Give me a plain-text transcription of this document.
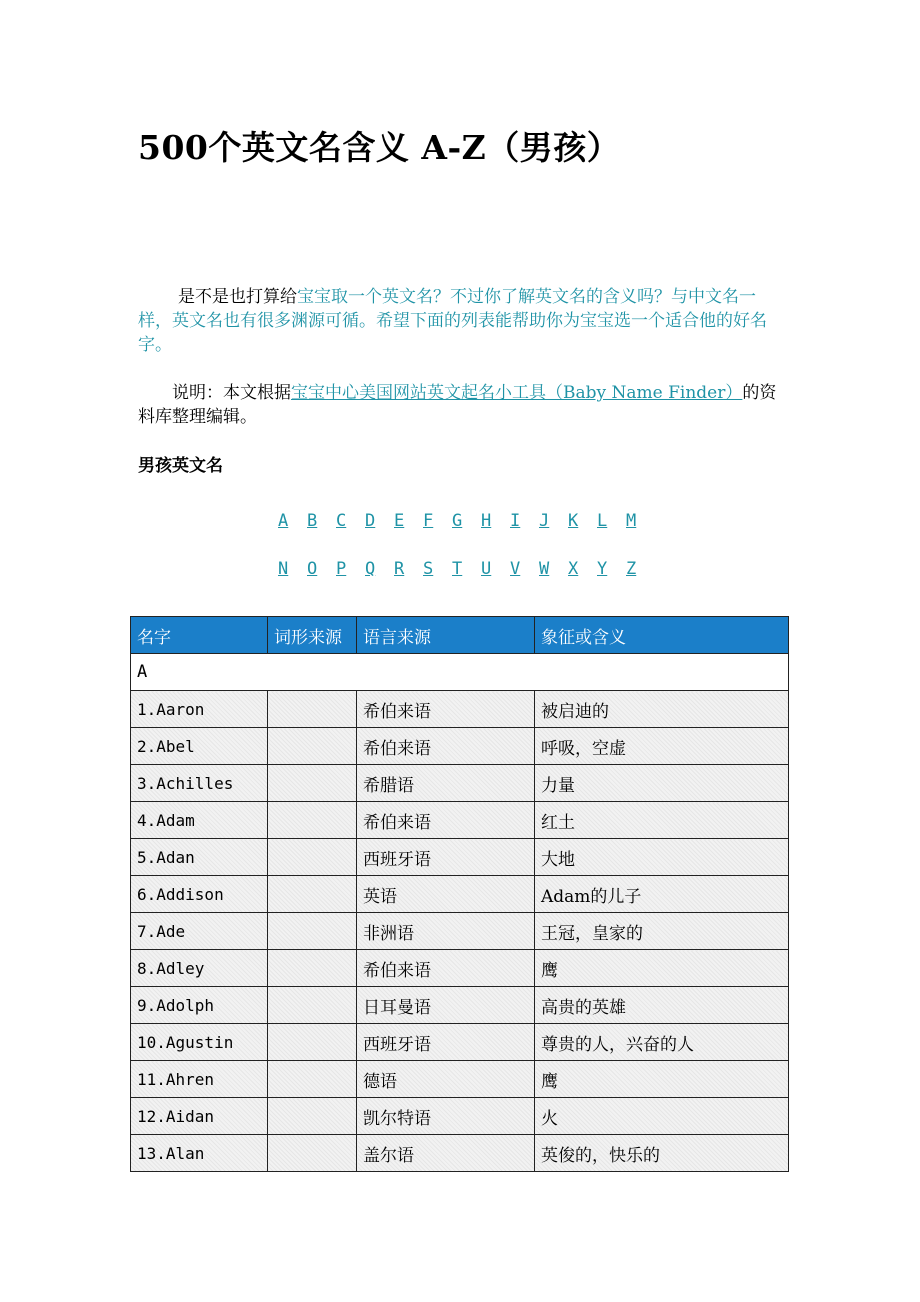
500个英文名含义 A-Z（男孩）

是不是也打算给宝宝取一个英文名？不过你了解英文名的含义吗？与中文名一样，英文名也有很多渊源可循。希望下面的列表能帮助你为宝宝选一个适合他的好名字。

说明：本文根据宝宝中心美国网站英文起名小工具（Baby Name Finder）的资料库整理编辑。

男孩英文名
A B C D E F G H I J K L M
N O P Q R S T U V W X Y Z
名字	词形来源	语言来源	象征或含义
A			
1.Aaron		希伯来语	被启迪的
2.Abel		希伯来语	呼吸，空虚
3.Achilles		希腊语	力量
4.Adam		希伯来语	红土
5.Adan		西班牙语	大地
6.Addison		英语	Adam的儿子
7.Ade		非洲语	王冠，皇家的
8.Adley		希伯来语	鹰
9.Adolph		日耳曼语	高贵的英雄
10.Agustin		西班牙语	尊贵的人，兴奋的人
11.Ahren		德语	鹰
12.Aidan		凯尔特语	火
13.Alan		盖尔语	英俊的，快乐的
